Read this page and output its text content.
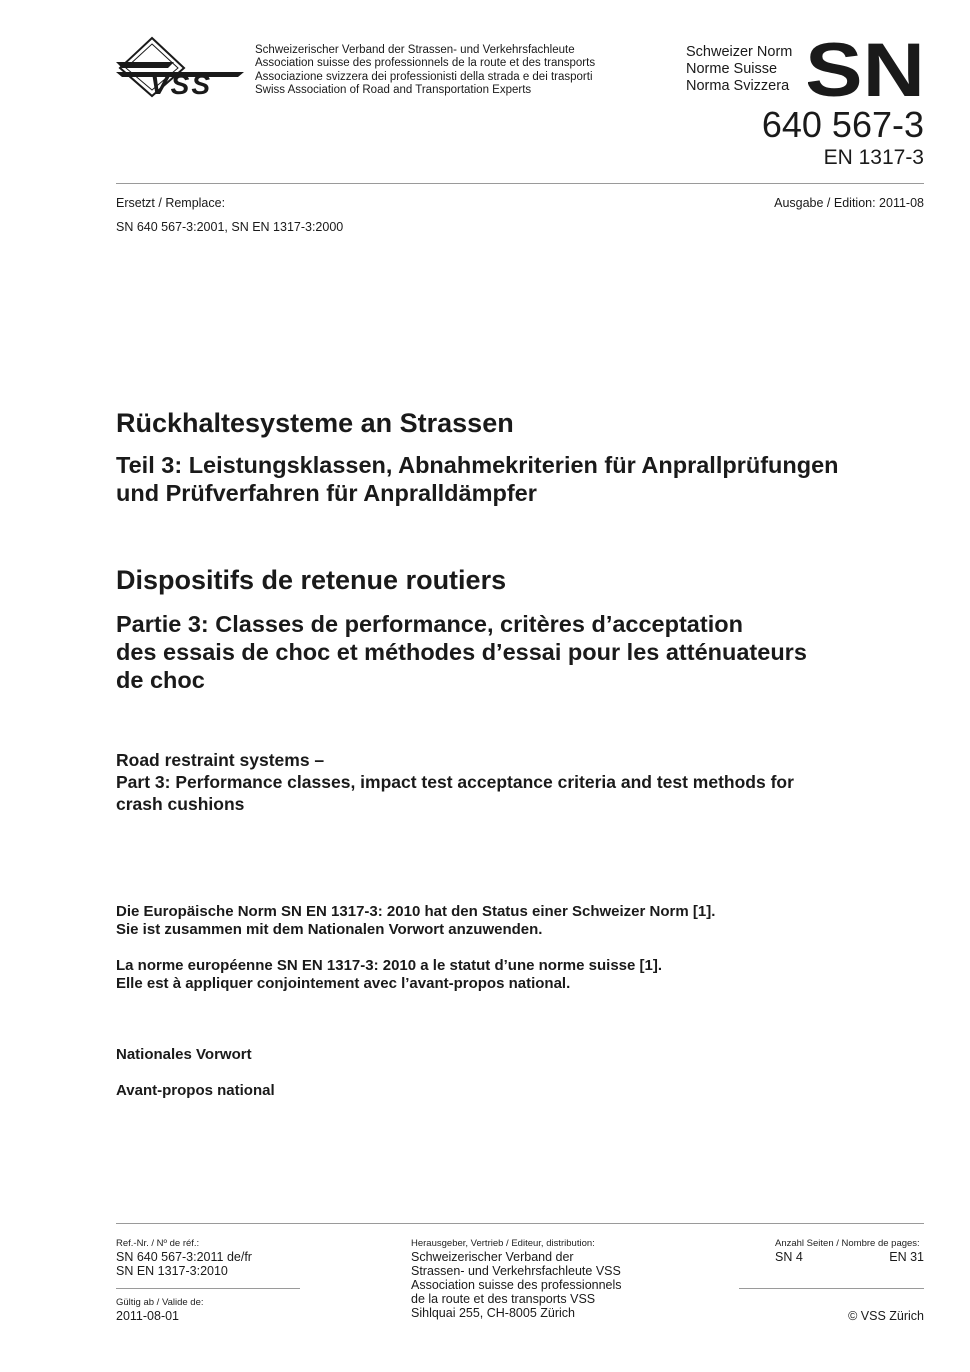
VSS
Schweizerischer Verband der Strassen- und Verkehrsfachleute
Association suisse des professionnels de la route et des transports
Associazione svizzera dei professionisti della strada e dei trasporti
Swiss Association of Road and Transportation Experts
Schweizer Norm
Norme Suisse
Norma Svizzera SN
640 567-3
EN 1317-3
Ersetzt / Remplace:
SN 640 567-3:2001, SN EN 1317-3:2000
Ausgabe / Edition: 2011-08
Rückhaltesysteme an Strassen
Teil 3: Leistungsklassen, Abnahmekriterien für Anprallprüfungen
und Prüfverfahren für Anpralldämpfer
Dispositifs de retenue routiers
Partie 3: Classes de performance, critères d’acceptation
des essais de choc et méthodes d’essai pour les atténuateurs
de choc
Road restraint systems –
Part 3: Performance classes, impact test acceptance criteria and test methods for
crash cushions
Die Europäische Norm SN EN 1317-3: 2010 hat den Status einer Schweizer Norm [1].
Sie ist zusammen mit dem Nationalen Vorwort anzuwenden.
La norme européenne SN EN 1317-3: 2010 a le statut d’une norme suisse [1].
Elle est à appliquer conjointement avec l’avant-propos national.
Nationales Vorwort
Avant-propos national
Ref.-Nr. / Nº de réf.:
SN 640 567-3:2011 de/fr
SN EN 1317-3:2010
Gültig ab / Valide de:
2011-08-01
Herausgeber, Vertrieb / Editeur, distribution:
Schweizerischer Verband der
Strassen- und Verkehrsfachleute VSS
Association suisse des professionnels
de la route et des transports VSS
Sihlquai 255, CH-8005 Zürich
Anzahl Seiten / Nombre de pages:
SN 4	EN 31
© VSS Zürich
